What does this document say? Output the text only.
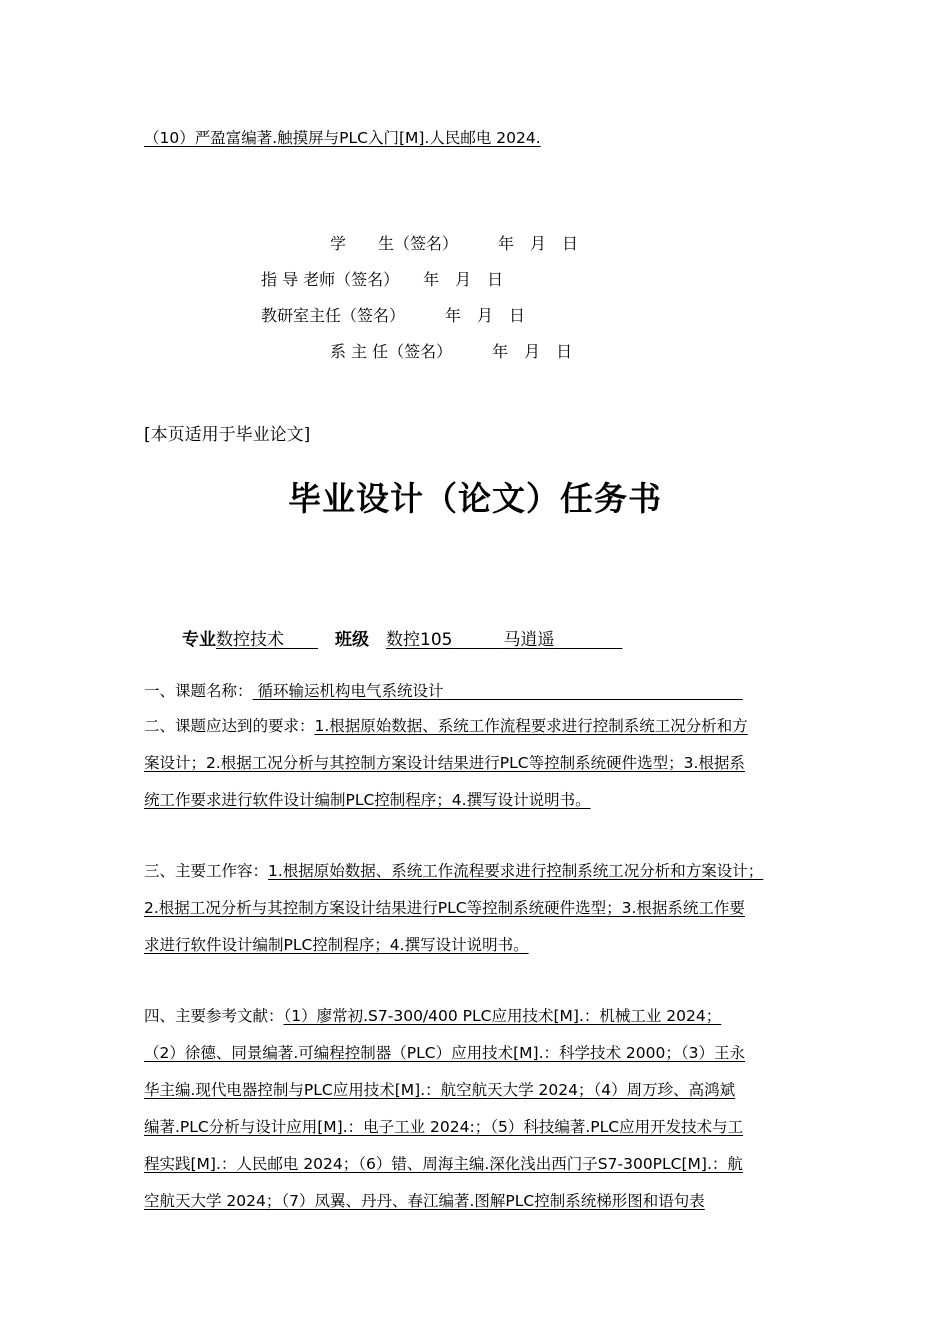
（10）严盈富编著.触摸屏与PLC入门[M].人民邮电 2024.
学　　生（签名）　　　年　月　日
指 导 老师（签名）　　年　月　日
教研室主任（签名）　　　年　月　日
系 主 任（签名）　　　年　月　日
[本页适用于毕业论文]
毕业设计（论文）任务书
专业数控技术　　　	班级　 数控105　　　	马逍遥　　　　
一、课题名称： 循环输运机构电气系统设计　　　　　　　　　　　　　　　　　　　
二、课题应达到的要求：1.根据原始数据、系统工作流程要求进行控制系统工况分析和方
案设计；2.根据工况分析与其控制方案设计结果进行PLC等控制系统硬件选型；3.根据系
统工作要求进行软件设计编制PLC控制程序；4.撰写设计说明书。
三、主要工作容：1.根据原始数据、系统工作流程要求进行控制系统工况分析和方案设计；
2.根据工况分析与其控制方案设计结果进行PLC等控制系统硬件选型；3.根据系统工作要
求进行软件设计编制PLC控制程序；4.撰写设计说明书。
四、主要参考文献：（1）廖常初.S7-300/400 PLC应用技术[M].：机械工业 2024；
（2）徐德、同景编著.可编程控制器（PLC）应用技术[M].：科学技术 2000；（3）王永
华主编.现代电器控制与PLC应用技术[M].：航空航天大学 2024；（4）周万珍、高鸿斌
编著.PLC分析与设计应用[M].：电子工业 2024:；（5）科技编著.PLC应用开发技术与工
程实践[M].：人民邮电 2024；（6）错、周海主编.深化浅出西门子S7-300PLC[M].：航
空航天大学 2024；（7）凤翼、丹丹、春江编著.图解PLC控制系统梯形图和语句表
